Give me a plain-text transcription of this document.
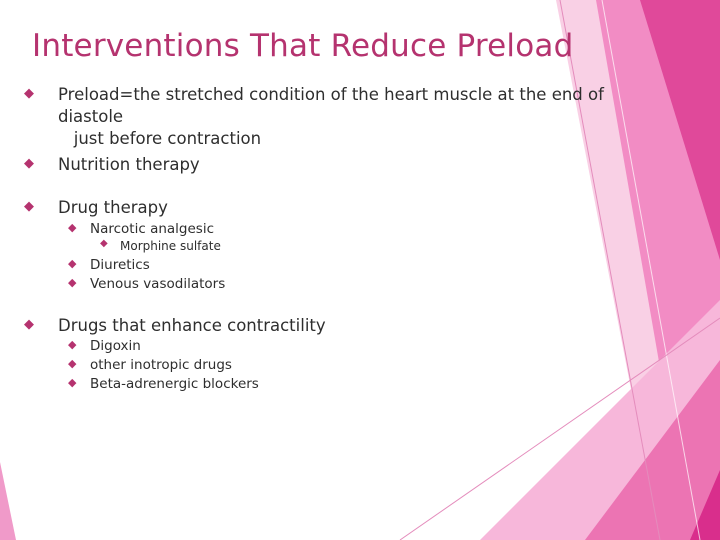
Interventions That Reduce Preload
◆ Preload=the stretched condition of the heart muscle at the end of
diastole
just before contraction
◆ Nutrition therapy
◆ Drug therapy
◆ Narcotic analgesic
◆ Morphine sulfate
◆ Diuretics
◆ Venous vasodilators
◆ Drugs that enhance contractility
◆ Digoxin
◆ other inotropic drugs
◆ Beta-adrenergic blockers
